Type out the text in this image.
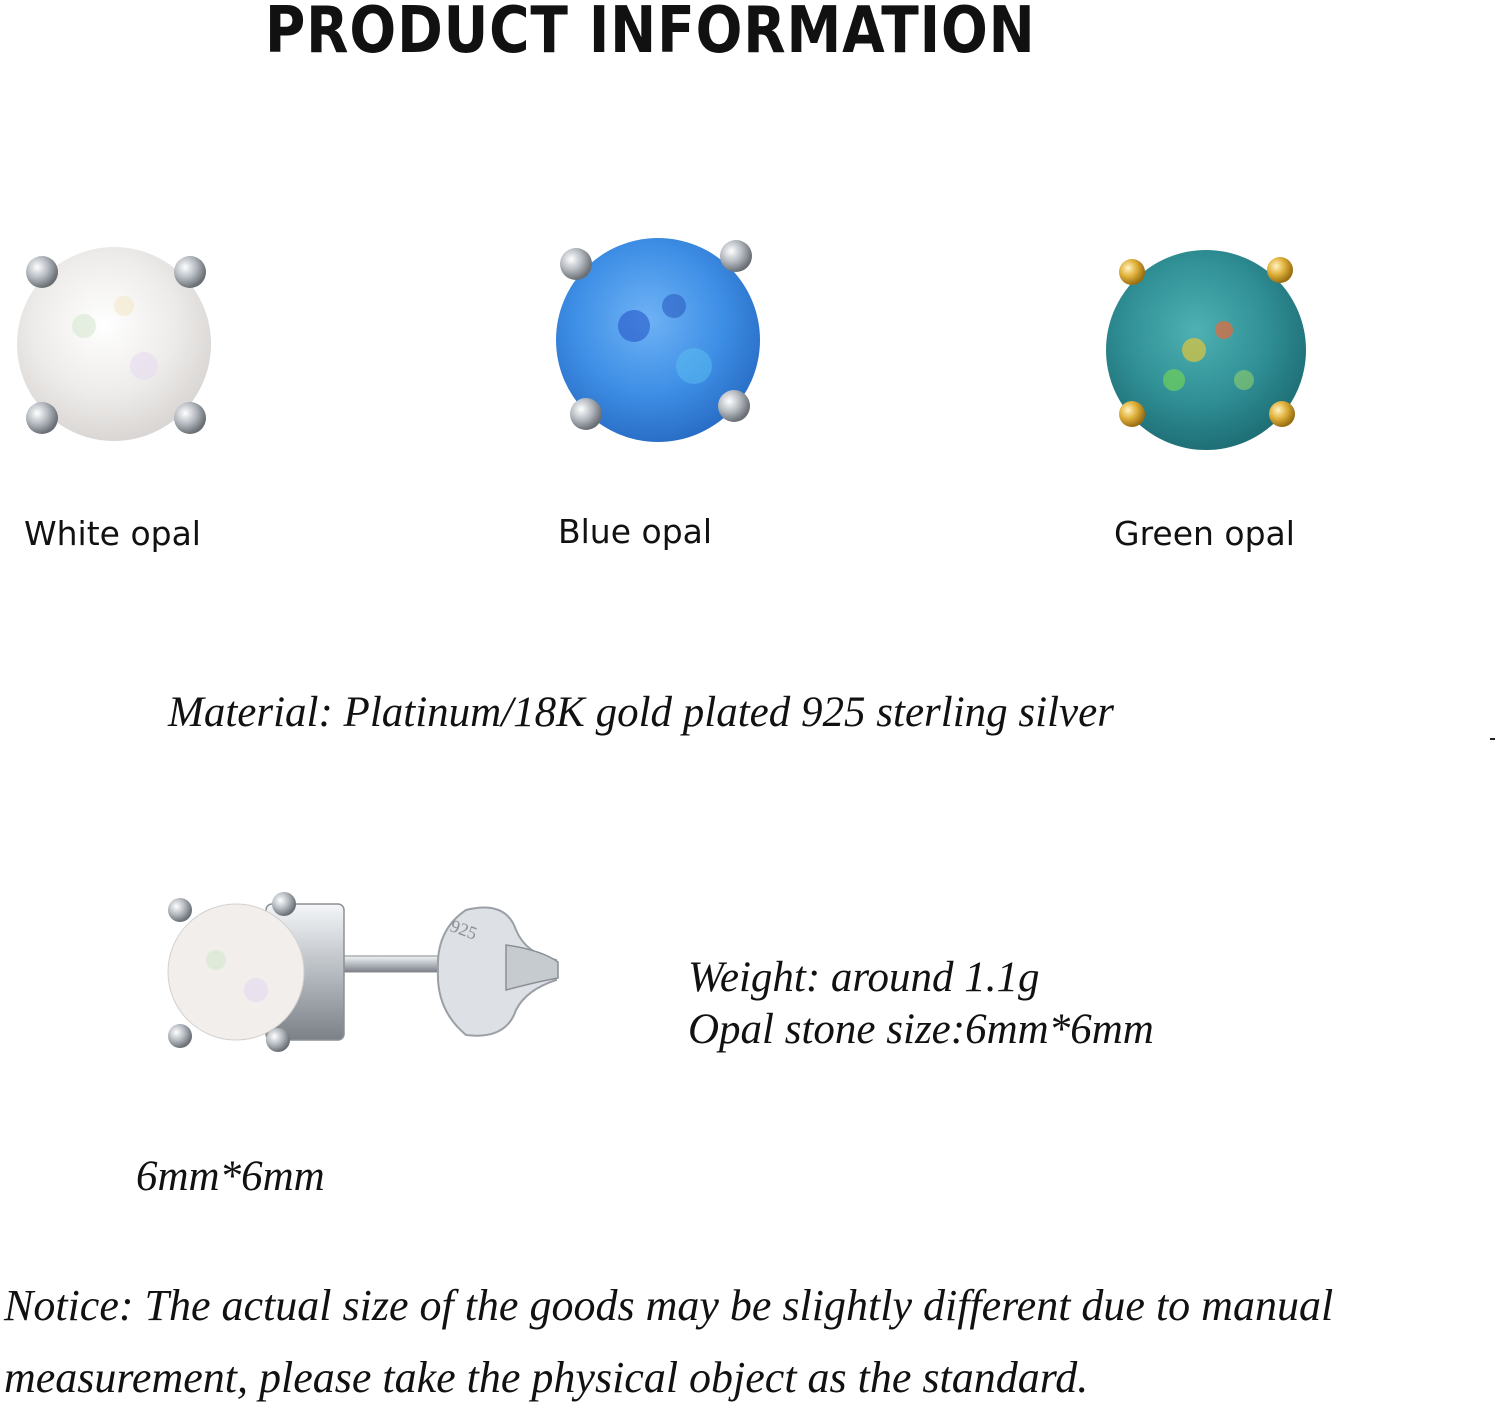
PRODUCT INFORMATION
White opal	Blue opal	Green opal
Material: Platinum/18K gold plated 925 sterling silver
925
Weight: around 1.1g
Opal stone size:6mm*6mm
6mm*6mm
Notice: The actual size of the goods may be slightly different due to manual
measurement, please take the physical object as the standard.
